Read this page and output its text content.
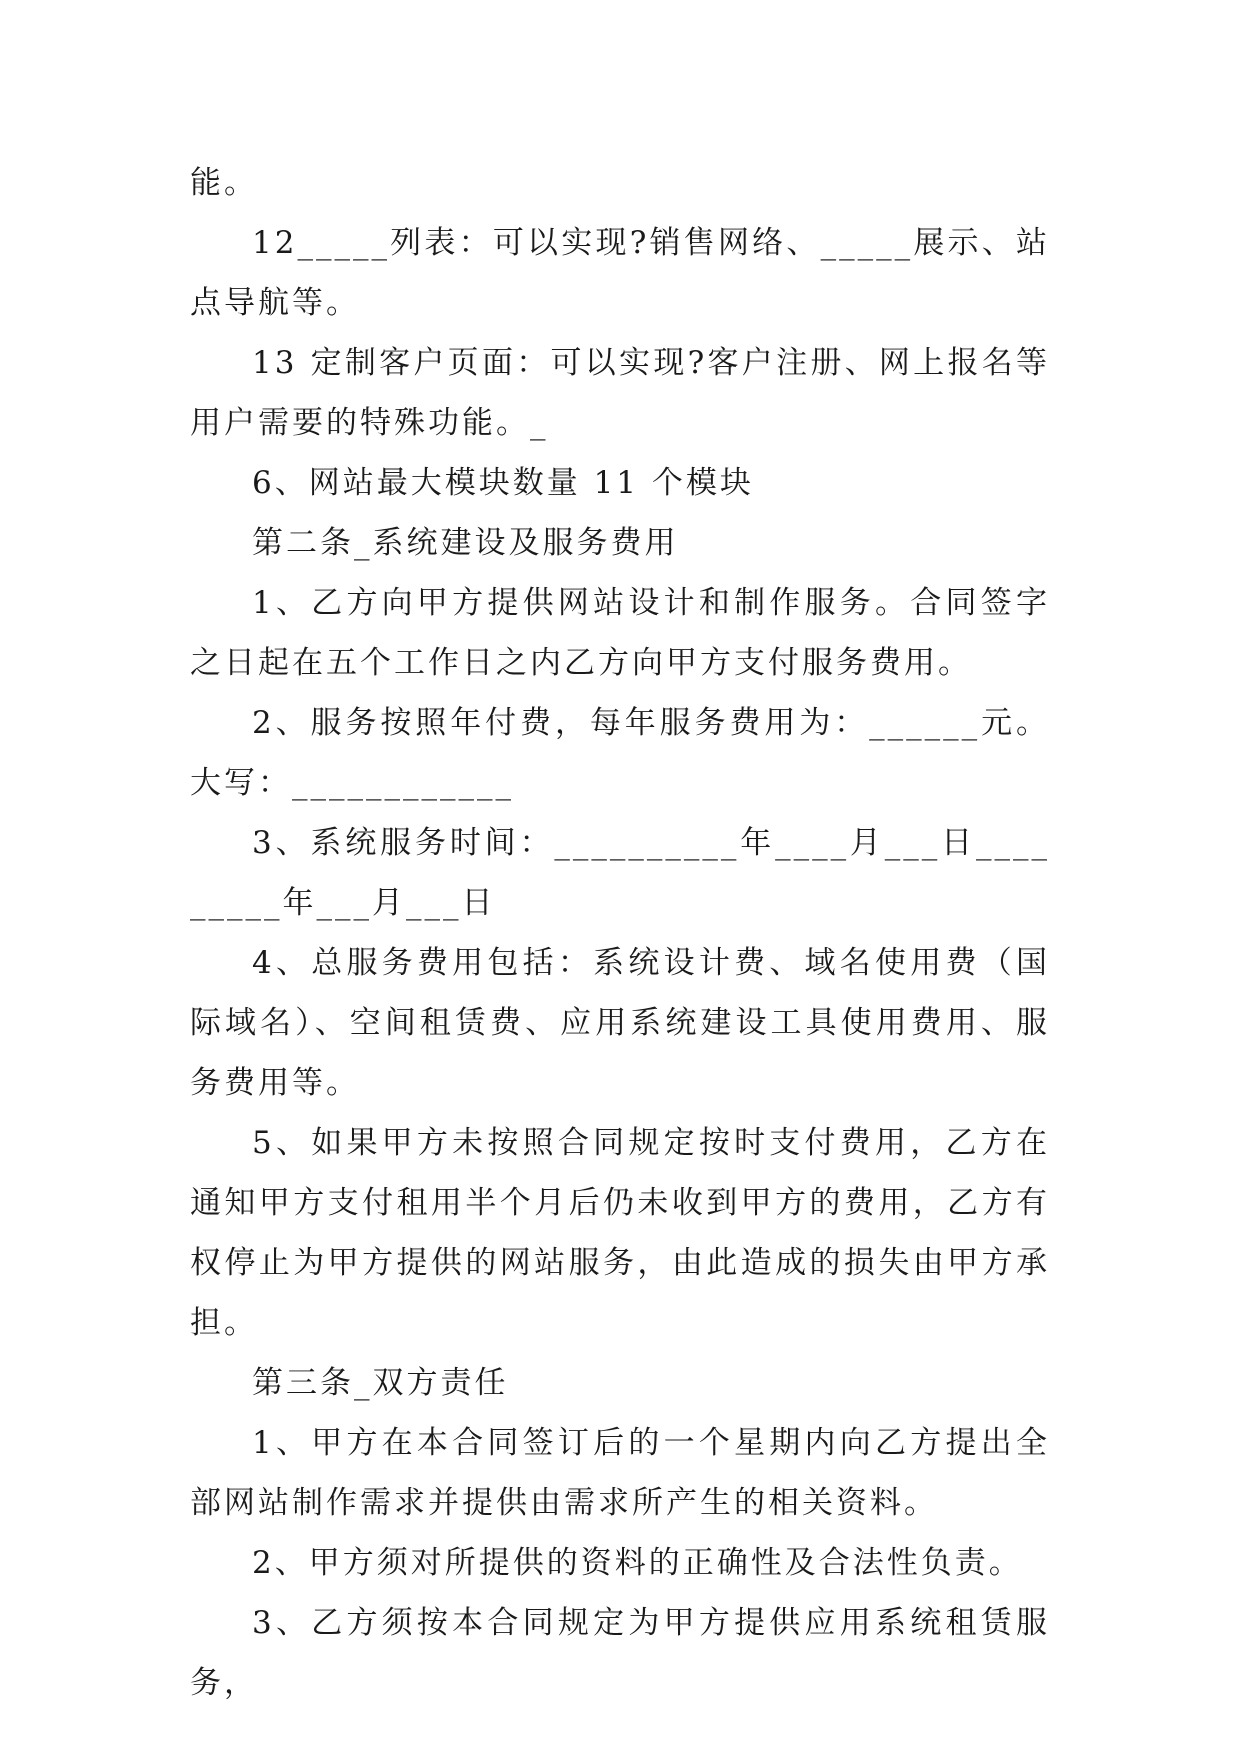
能。

12_____列表：可以实现?销售网络、_____展示、站点导航等。

13 定制客户页面：可以实现?客户注册、网上报名等用户需要的特殊功能。_

6、网站最大模块数量 11 个模块

第二条_系统建设及服务费用

1、乙方向甲方提供网站设计和制作服务。合同签字之日起在五个工作日之内乙方向甲方支付服务费用。

2、服务按照年付费，每年服务费用为：______元。大写：____________

3、系统服务时间：__________年____月___日_________年___月___日

4、总服务费用包括：系统设计费、域名使用费（国际域名）、空间租赁费、应用系统建设工具使用费用、服务费用等。

5、如果甲方未按照合同规定按时支付费用，乙方在通知甲方支付租用半个月后仍未收到甲方的费用，乙方有权停止为甲方提供的网站服务，由此造成的损失由甲方承担。

第三条_双方责任

1、甲方在本合同签订后的一个星期内向乙方提出全部网站制作需求并提供由需求所产生的相关资料。

2、甲方须对所提供的资料的正确性及合法性负责。

3、乙方须按本合同规定为甲方提供应用系统租赁服务，
